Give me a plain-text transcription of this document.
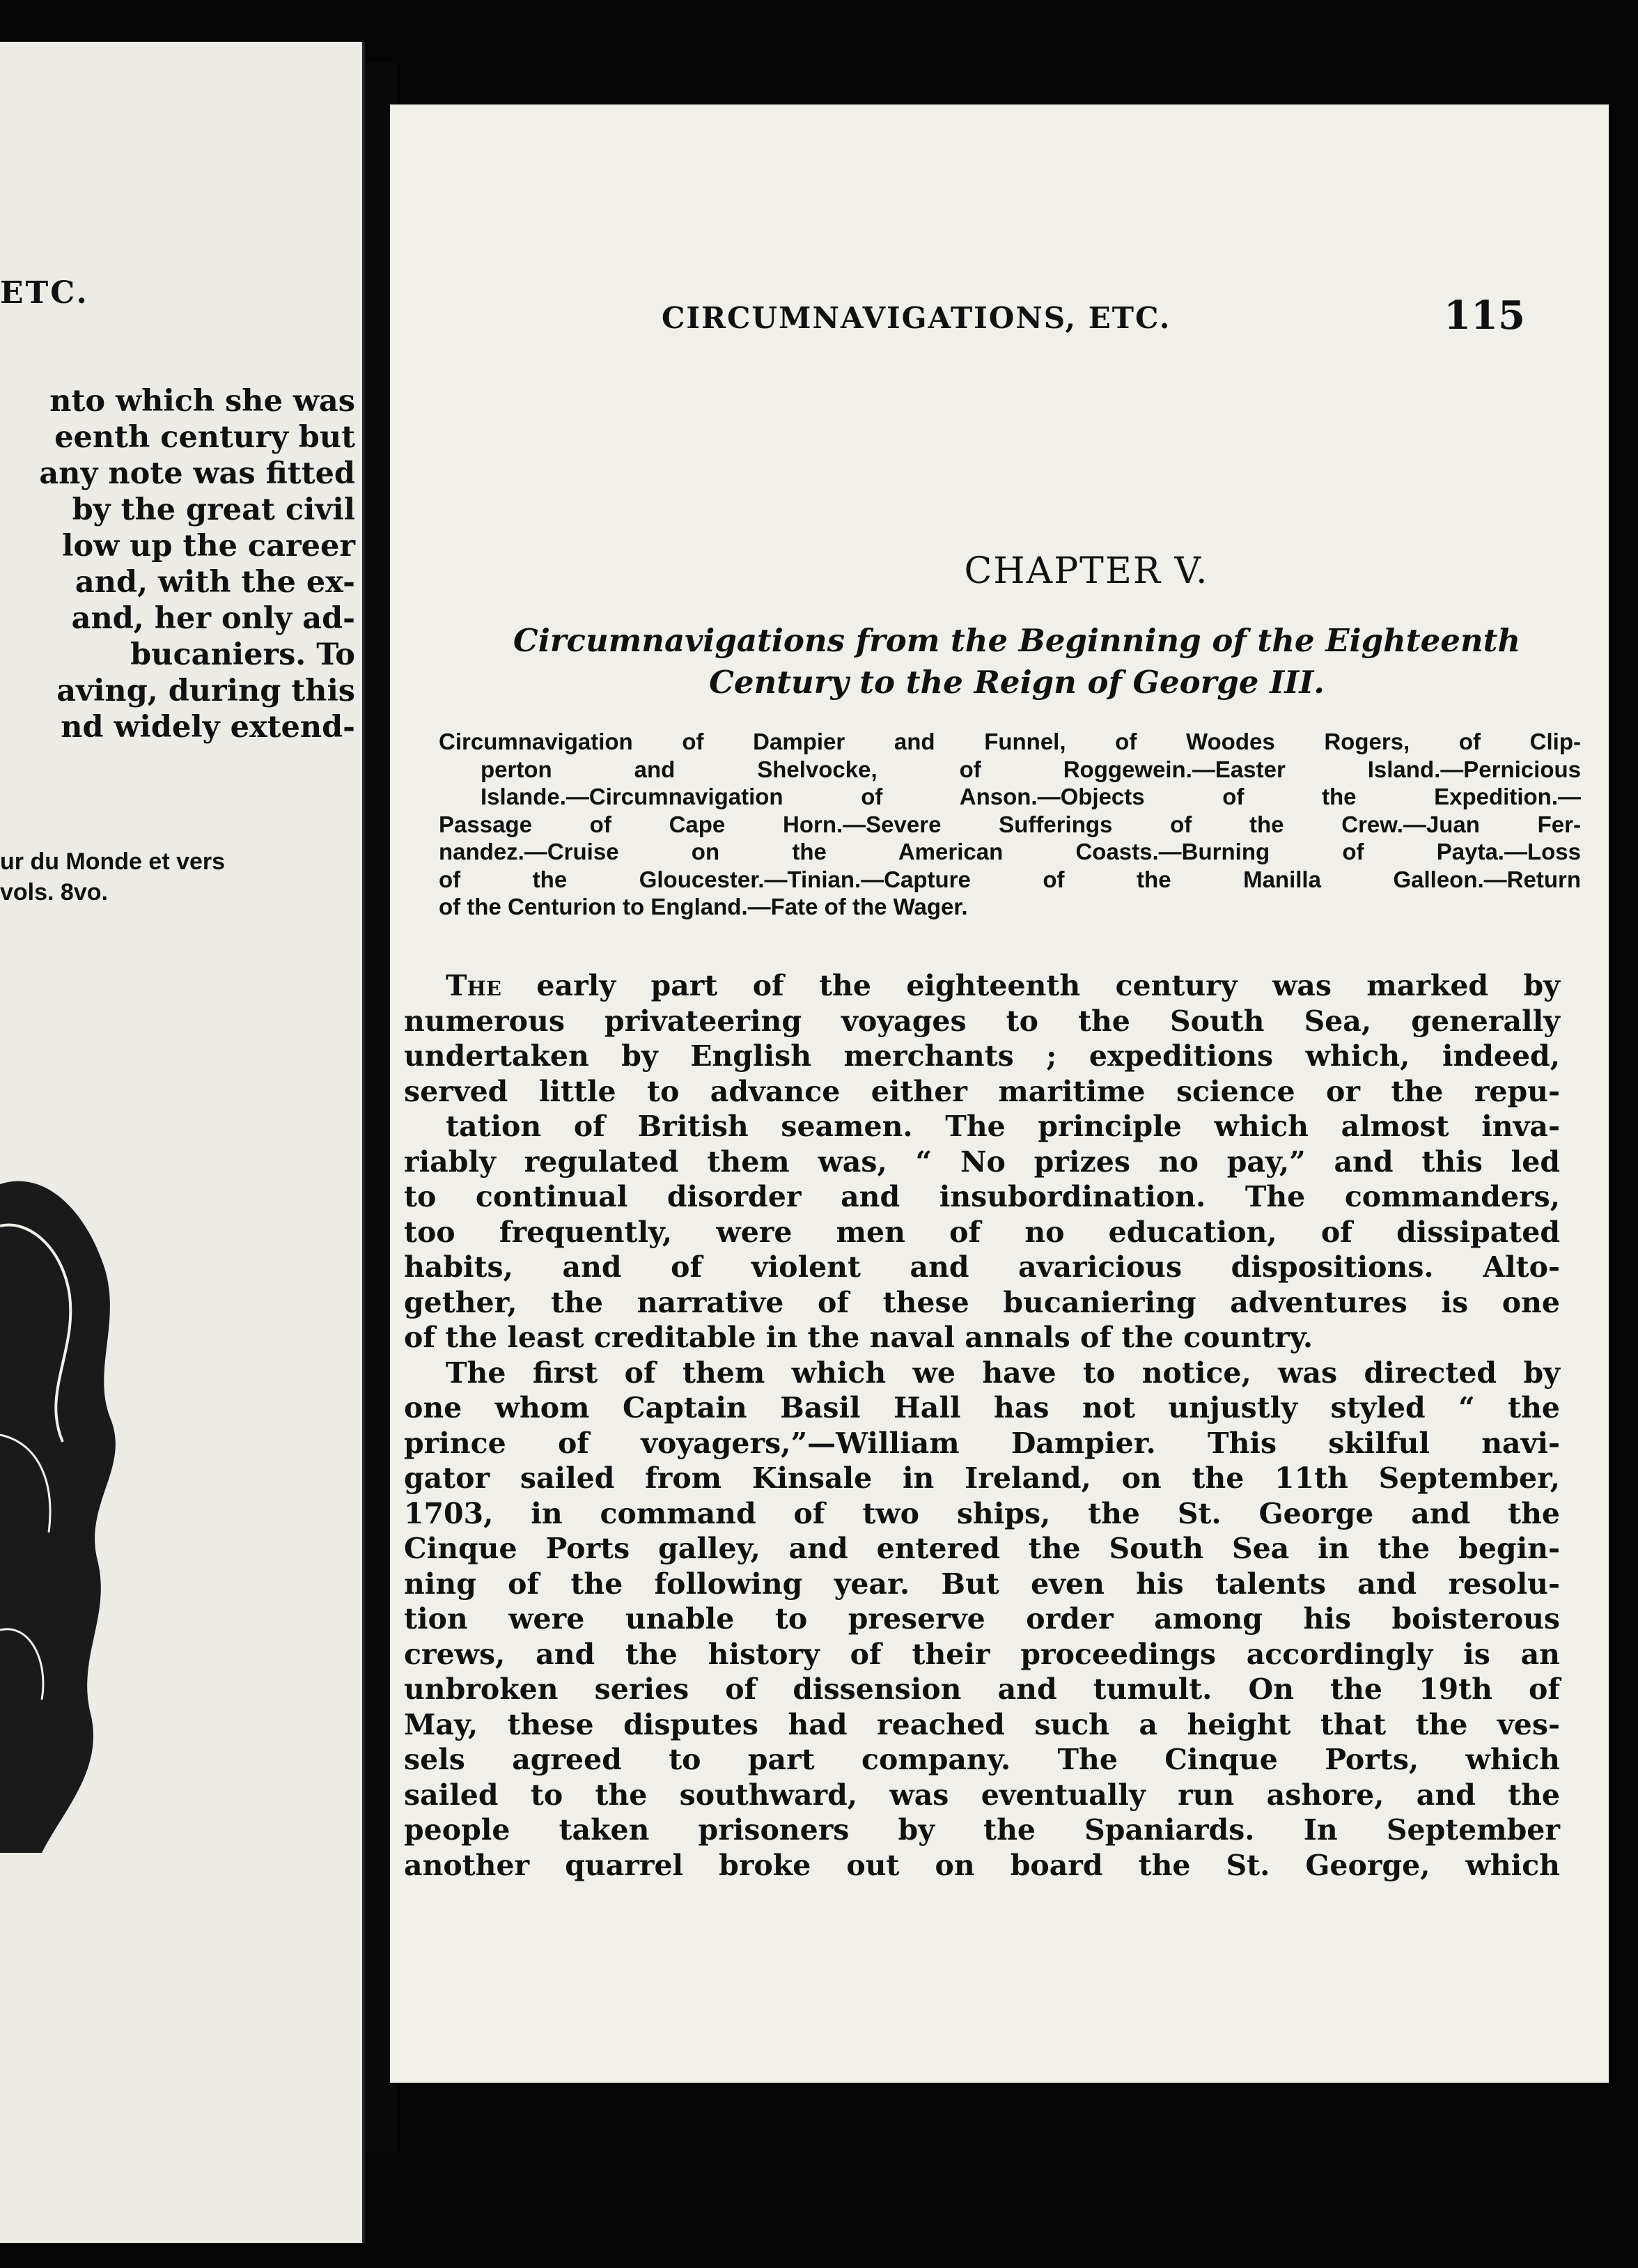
ETC.
nto which she was
eenth century but
any note was fitted
by the great civil
low up the career
and, with the ex-
and, her only ad-
bucaniers. To
aving, during this
nd widely extend-
ur du Monde et vers
vols. 8vo.
CIRCUMNAVIGATIONS, ETC.	115
CHAPTER V.
Circumnavigations from the Beginning of the Eighteenth
Century to the Reign of George III.
Circumnavigation of Dampier and Funnel, of Woodes Rogers, of Clip-
perton and Shelvocke, of Roggewein.—Easter Island.—Pernicious
Islande.—Circumnavigation of Anson.—Objects of the Expedition.—
Passage of Cape Horn.—Severe Sufferings of the Crew.—Juan Fer-
nandez.—Cruise on the American Coasts.—Burning of Payta.—Loss
of the Gloucester.—Tinian.—Capture of the Manilla Galleon.—Return
of the Centurion to England.—Fate of the Wager.
The early part of the eighteenth century was marked by
numerous privateering voyages to the South Sea, generally
undertaken by English merchants ; expeditions which, indeed,
served little to advance either maritime science or the repu-
tation of British seamen. The principle which almost inva-
riably regulated them was, “ No prizes no pay,” and this led
to continual disorder and insubordination. The commanders,
too frequently, were men of no education, of dissipated
habits, and of violent and avaricious dispositions. Alto-
gether, the narrative of these bucaniering adventures is one
of the least creditable in the naval annals of the country.
The first of them which we have to notice, was directed by
one whom Captain Basil Hall has not unjustly styled “ the
prince of voyagers,”—William Dampier. This skilful navi-
gator sailed from Kinsale in Ireland, on the 11th September,
1703, in command of two ships, the St. George and the
Cinque Ports galley, and entered the South Sea in the begin-
ning of the following year. But even his talents and resolu-
tion were unable to preserve order among his boisterous
crews, and the history of their proceedings accordingly is an
unbroken series of dissension and tumult. On the 19th of
May, these disputes had reached such a height that the ves-
sels agreed to part company. The Cinque Ports, which
sailed to the southward, was eventually run ashore, and the
people taken prisoners by the Spaniards. In September
another quarrel broke out on board the St. George, which
